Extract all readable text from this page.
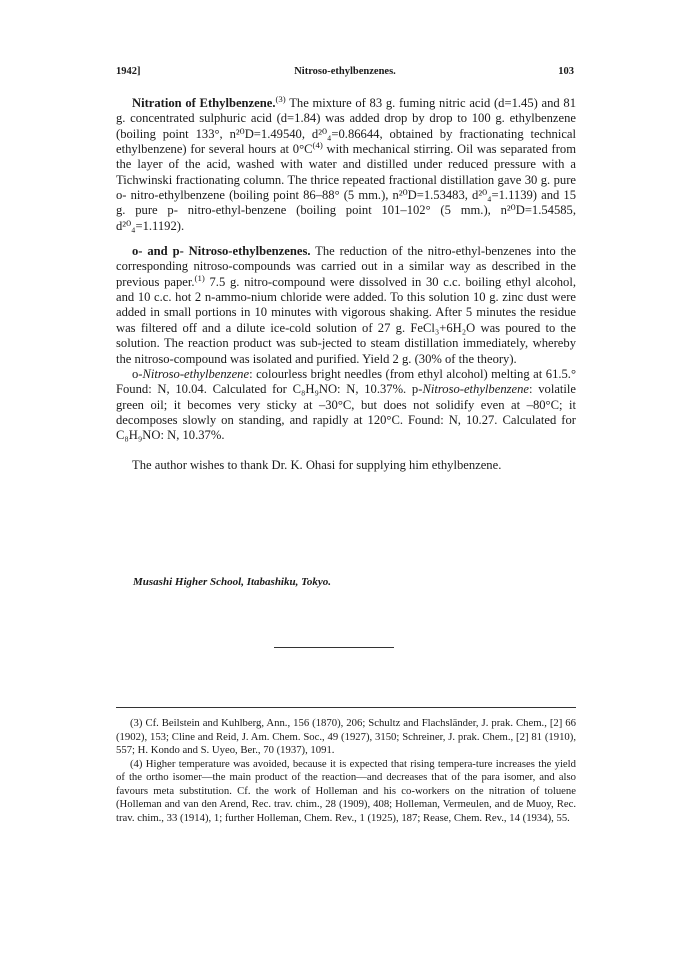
1942]	Nitroso-ethylbenzenes.	103

Nitration of Ethylbenzene.$^{(3)}$ The mixture of 83 g. fuming nitric acid (d=1.45) and 81 g. concentrated sulphuric acid (d=1.84) was added drop by drop to 100 g. ethylbenzene (boiling point 133°, n²⁰D=1.49540, d²⁰₄=0.86644, obtained by fractionating technical ethylbenzene) for several hours at $0^\circ C^{(4)}$ with mechanical stirring. Oil was separated from the layer of the acid, washed with water and distilled under reduced pressure with a Tichwinski fractionating column. The thrice repeated fractional distillation gave 30 g. pure o- nitro-ethylbenzene (boiling point 86–88° (5 mm.), n²⁰D=1.53483, d²⁰₄=1.1139) and 15 g. pure p- nitro-ethyl-benzene (boiling point 101–102° (5 mm.), n²⁰D=1.54585, d²⁰₄=1.1192).

o- and p- Nitroso-ethylbenzenes. The reduction of the nitro-ethyl-benzenes into the corresponding nitroso-compounds was carried out in a similar way as described in the previous paper.$^{(1)}$ 7.5 g. nitro-compound were dissolved in 30 c.c. boiling ethyl alcohol, and 10 c.c. hot 2 n-ammo-nium chloride were added. To this solution 10 g. zinc dust were added in small portions in 10 minutes with vigorous shaking. After 5 minutes the residue was filtered off and a dilute ice-cold solution of 27 g. FeCl₃+6H₂O was poured to the solution. The reaction product was sub-jected to steam distillation immediately, whereby the nitroso-compound was isolated and purified. Yield 2 g. (30% of the theory).

o-Nitroso-ethylbenzene: colourless bright needles (from ethyl alcohol) melting at 61.5.° Found: N, 10.04. Calculated for C₈H₉NO: N, 10.37%. p-Nitroso-ethylbenzene: volatile green oil; it becomes very sticky at –30°C, but does not solidify even at –80°C; it decomposes slowly on standing, and rapidly at 120°C. Found: N, 10.27. Calculated for C₈H₉NO: N, 10.37%.

The author wishes to thank Dr. K. Ohasi for supplying him ethylbenzene.

Musashi Higher School, Itabashiku, Tokyo.

(3) Cf. Beilstein and Kuhlberg, Ann., 156 (1870), 206; Schultz and Flachsländer, J. prak. Chem., [2] 66 (1902), 153; Cline and Reid, J. Am. Chem. Soc., 49 (1927), 3150; Schreiner, J. prak. Chem., [2] 81 (1910), 557; H. Kondo and S. Uyeo, Ber., 70 (1937), 1091.

(4) Higher temperature was avoided, because it is expected that rising tempera-ture increases the yield of the ortho isomer—the main product of the reaction—and decreases that of the para isomer, and also favours meta substitution. Cf. the work of Holleman and his co-workers on the nitration of toluene (Holleman and van den Arend, Rec. trav. chim., 28 (1909), 408; Holleman, Vermeulen, and de Muoy, Rec. trav. chim., 33 (1914), 1; further Holleman, Chem. Rev., 1 (1925), 187; Rease, Chem. Rev., 14 (1934), 55.
